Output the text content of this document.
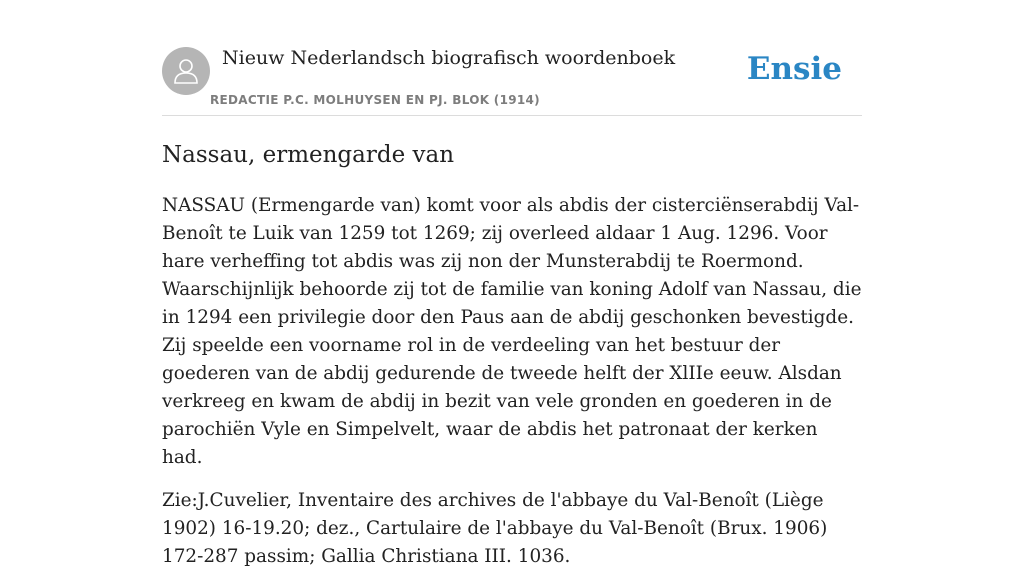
Nieuw Nederlandsch biografisch woordenboek
REDACTIE P.C. MOLHUYSEN EN PJ. BLOK (1914)
Ensie
Nassau, ermengarde van

NASSAU (Ermengarde van) komt voor als abdis der cisterciënserabdij Val-Benoît te Luik van 1259 tot 1269; zij overleed aldaar 1 Aug. 1296. Voor hare verheffing tot abdis was zij non der Munsterabdij te Roermond. Waarschijnlijk behoorde zij tot de familie van koning Adolf van Nassau, die in 1294 een privilegie door den Paus aan de abdij geschonken bevestigde. Zij speelde een voorname rol in de verdeeling van het bestuur der goederen van de abdij gedurende de tweede helft der XlIIe eeuw. Alsdan verkreeg en kwam de abdij in bezit van vele gronden en goederen in de parochiën Vyle en Simpelvelt, waar de abdis het patronaat der kerken had.

Zie:J.Cuvelier, Inventaire des archives de l'abbaye du Val-Benoît (Liège 1902) 16-19.20; dez., Cartulaire de l'abbaye du Val-Benoît (Brux. 1906) 172-287 passim; Gallia Christiana III. 1036.
